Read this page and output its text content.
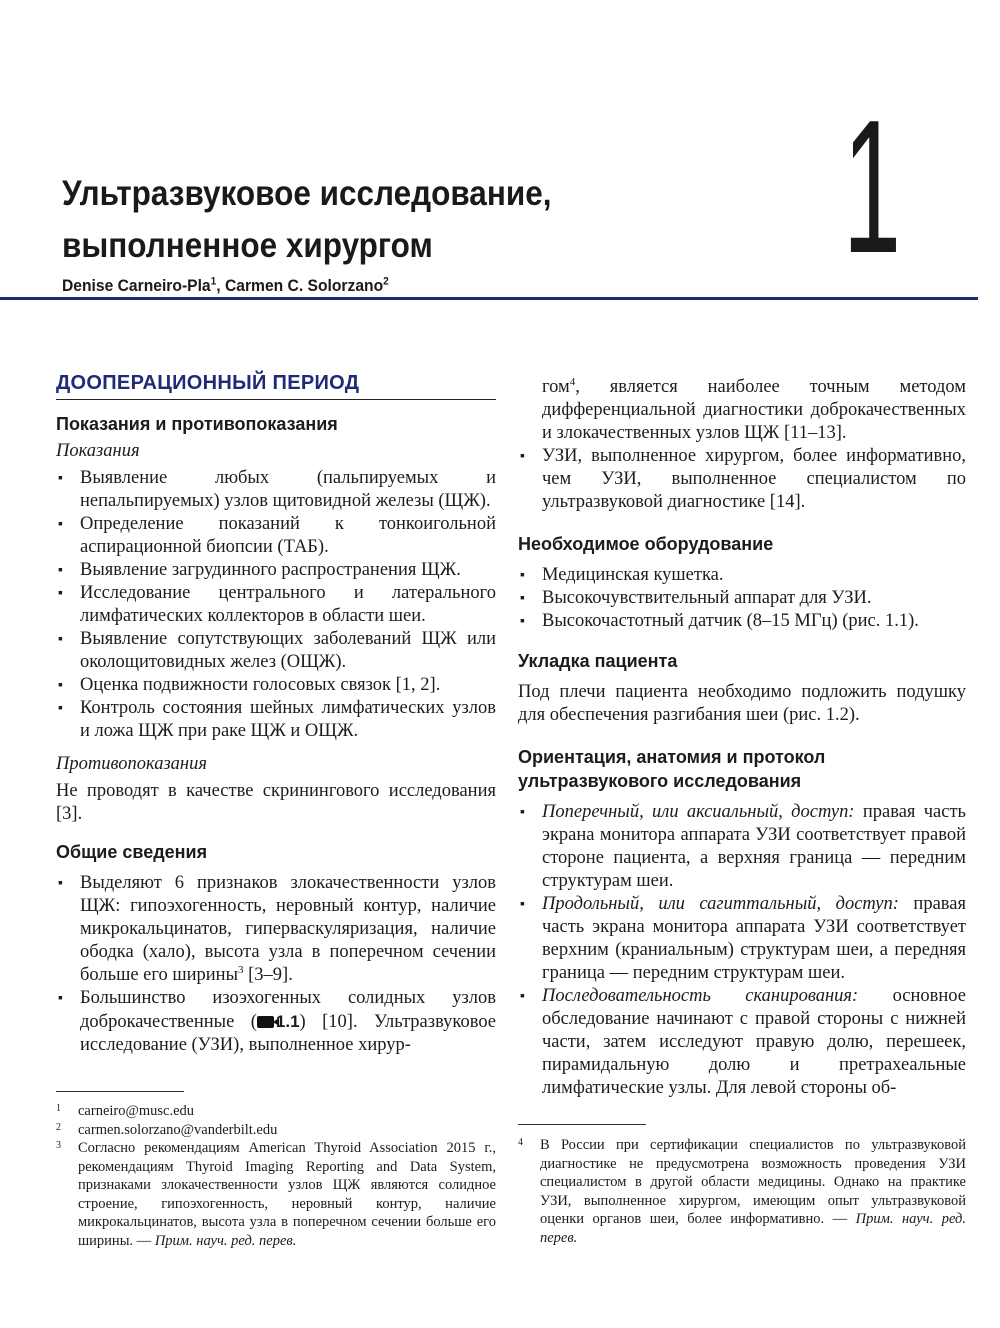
Ультразвуковое исследование,
выполненное хирургом	1
Denise Carneiro-Pla$^1$, Carmen C. Solorzano$^2$
ДООПЕРАЦИОННЫЙ ПЕРИОД
Показания и противопоказания
Показания
▪ Выявление любых (пальпируемых и непальпируемых) узлов щитовидной железы (ЩЖ).
▪ Определение показаний к тонкоигольной аспирационной биопсии (ТАБ).
▪ Выявление загрудинного распространения ЩЖ.
▪ Исследование центрального и латерального лимфатических коллекторов в области шеи.
▪ Выявление сопутствующих заболеваний ЩЖ или околощитовидных желез (ОЩЖ).
▪ Оценка подвижности голосовых связок [1, 2].
▪ Контроль состояния шейных лимфатических узлов и ложа ЩЖ при раке ЩЖ и ОЩЖ.
Противопоказания

Не проводят в качестве скринингового исследования [3].

Общие сведения
▪ Выделяют 6 признаков злокачественности узлов ЩЖ: гипоэхогенность, неровный контур, наличие микрокальцинатов, гиперваскуляризация, наличие ободка (хало), высота узла в поперечном сечении больше его ширины$^3$ [3–9].
▪ Большинство изоэхогенных солидных узлов доброкачественные ( 1.1) [10]. Ультразвуковое исследование (УЗИ), выполненное хирур-
1 carneiro@musc.edu
2 carmen.solorzano@vanderbilt.edu
3 Согласно рекомендациям American Thyroid Association 2015 г., рекомендациям Thyroid Imaging Reporting and Data System, признаками злокачественности узлов ЩЖ являются солидное строение, гипоэхогенность, неровный контур, наличие микрокальцинатов, высота узла в поперечном сечении больше его ширины. — Прим. науч. ред. перев.

гом$^4$, является наиболее точным методом дифференциальной диагностики доброкачественных и злокачественных узлов ЩЖ [11–13].

▪ УЗИ, выполненное хирургом, более информативно, чем УЗИ, выполненное специалистом по ультразвуковой диагностике [14].
Необходимое оборудование
▪ Медицинская кушетка.
▪ Высокочувствительный аппарат для УЗИ.
▪ Высокочастотный датчик (8–15 МГц) (рис. 1.1).
Укладка пациента

Под плечи пациента необходимо подложить подушку для обеспечения разгибания шеи (рис. 1.2).

Ориентация, анатомия и протокол
ультразвукового исследования
▪ Поперечный, или аксиальный, доступ: правая часть экрана монитора аппарата УЗИ соответствует правой стороне пациента, а верхняя граница — передним структурам шеи.
▪ Продольный, или сагиттальный, доступ: правая часть экрана монитора аппарата УЗИ соответствует верхним (краниальным) структурам шеи, а передняя граница — передним структурам шеи.
▪ Последовательность сканирования: основное обследование начинают с правой стороны с нижней части, затем исследуют правую долю, перешеек, пирамидальную долю и претрахеальные лимфатические узлы. Для левой стороны об-
4 В России при сертификации специалистов по ультразвуковой диагностике не предусмотрена возможность проведения УЗИ специалистом в другой области медицины. Однако на практике УЗИ, выполненное хирургом, имеющим опыт ультразвуковой оценки органов шеи, более информативно. — Прим. науч. ред. перев.
